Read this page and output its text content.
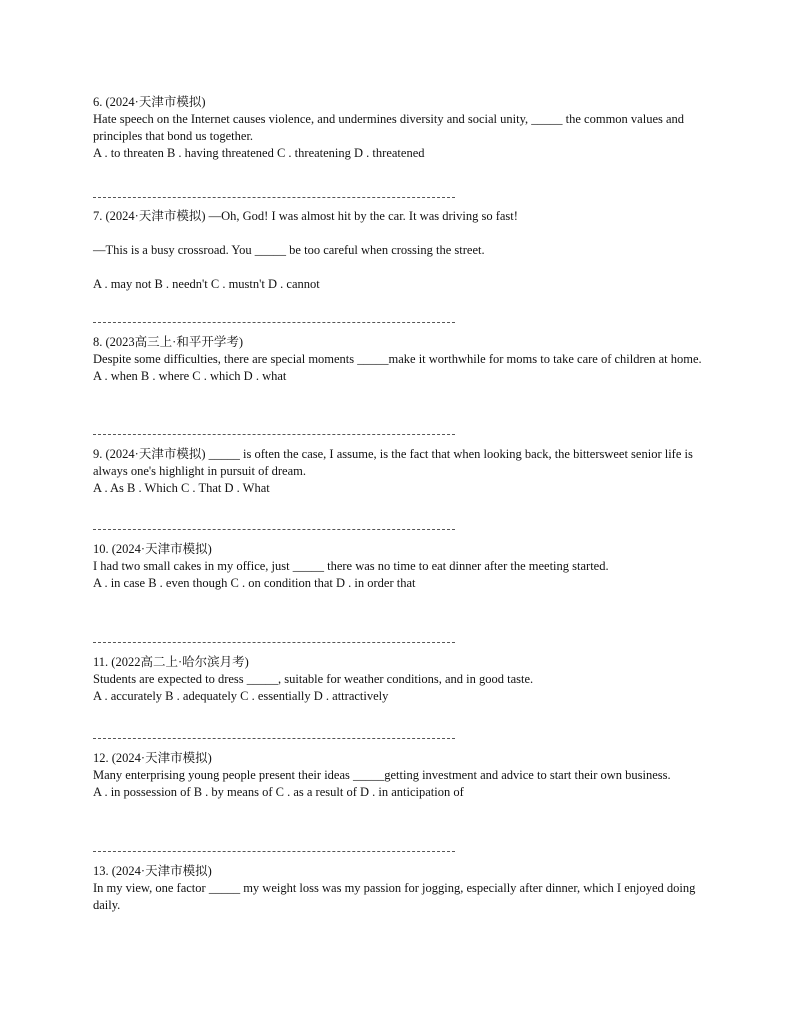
6. (2024·天津市模拟)
Hate speech on the Internet causes violence, and undermines diversity and social unity, _____ the common values and principles that bond us together.
A . to threaten B . having threatened C . threatening D . threatened
7. (2024·天津市模拟) —Oh, God! I was almost hit by the car. It was driving so fast!
—This is a busy crossroad. You _____ be too careful when crossing the street.
A . may not B . needn't C . mustn't D . cannot
8. (2023高三上·和平开学考)
Despite some difficulties, there are special moments _____make it worthwhile for moms to take care of children at home.
A . when B . where C . which D . what
9. (2024·天津市模拟) _____ is often the case, I assume, is the fact that when looking back, the bittersweet senior life is always one's highlight in pursuit of dream.
A . As B . Which C . That D . What
10. (2024·天津市模拟)
I had two small cakes in my office, just _____ there was no time to eat dinner after the meeting started.
A . in case B . even though C . on condition that D . in order that
11. (2022高二上·哈尔滨月考)
Students are expected to dress _____, suitable for weather conditions, and in good taste.
A . accurately B . adequately C . essentially D . attractively
12. (2024·天津市模拟)
Many enterprising young people present their ideas _____getting investment and advice to start their own business.
A . in possession of B . by means of C . as a result of D . in anticipation of
13. (2024·天津市模拟)
In my view, one factor _____ my weight loss was my passion for jogging, especially after dinner, which I enjoyed doing daily.
